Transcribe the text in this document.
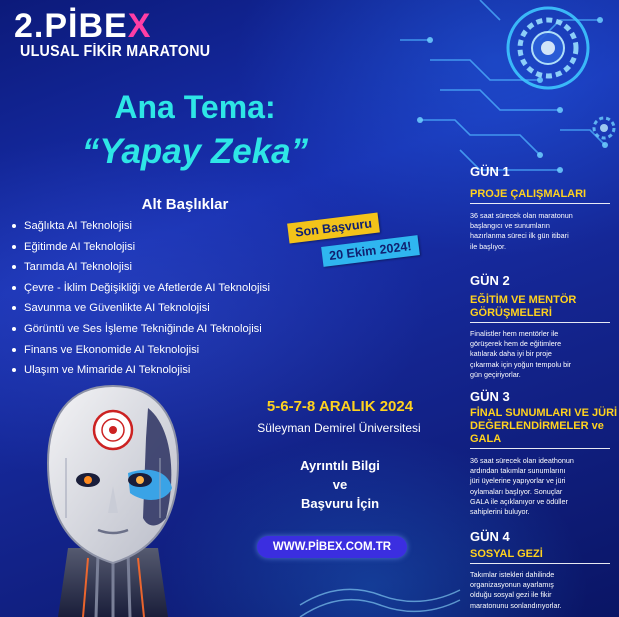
2.PİBEX
ULUSAL FİKİR MARATONU
Ana Tema:
“Yapay Zeka”
Alt Başlıklar
Sağlıkta AI Teknolojisi
Eğitimde AI Teknolojisi
Tarımda AI Teknolojisi
Çevre - İklim Değişikliği ve Afetlerde AI Teknolojisi
Savunma ve Güvenlikte AI Teknolojisi
Görüntü ve Ses İşleme Tekniğinde AI Teknolojisi
Finans ve Ekonomide AI Teknolojisi
Ulaşım ve Mimaride AI Teknolojisi
Son Başvuru
20 Ekim 2024!
5-6-7-8 ARALIK 2024
Süleyman Demirel Üniversitesi
Ayrıntılı Bilgi
ve
Başvuru İçin
WWW.PİBEX.COM.TR
GÜN 1
PROJE ÇALIŞMALARI
36 saat sürecek olan maratonun
başlangıcı ve sunumların
hazırlanma süreci ilk gün itibari
ile başlıyor.
GÜN 2
EĞİTİM VE MENTÖR
GÖRÜŞMELERİ
Finalistler hem mentörler ile
görüşerek hem de eğitimlere
katılarak daha iyi bir proje
çıkarmak için yoğun tempolu bir
gün geçiriyorlar.
GÜN 3
FİNAL SUNUMLARI VE JÜRİ
DEĞERLENDİRMELER ve
GALA
36 saat sürecek olan ideathonun
ardından takımlar sunumlarını
jüri üyelerine yapıyorlar ve jüri
oylamaları başlıyor. Sonuçlar
GALA ile açıklanıyor ve ödüller
sahiplerini buluyor.
GÜN 4
SOSYAL GEZİ
Takımlar istekleri dahilinde
organizasyonun ayarlamış
olduğu sosyal gezi ile fikir
maratonunu sonlandırıyorlar.
